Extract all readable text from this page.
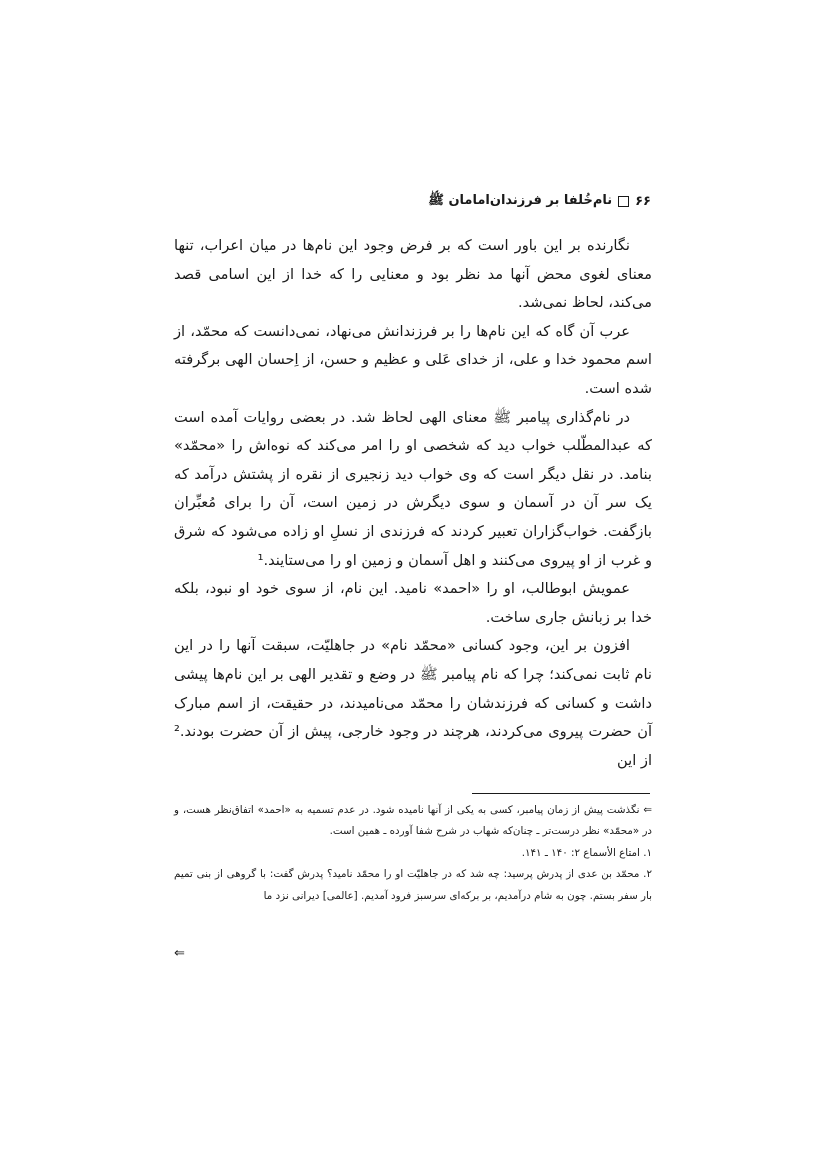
۶۶
نام‌خُلفا بر فرزندان‌امامان ﷺ

نگارنده بر این باور است که بر فرض وجود این نام‌ها در میان اعراب، تنها معنای لغوی محض آنها مد نظر بود و معنایی را که خدا از این اسامی قصد می‌کند، لحاظ نمی‌شد.

عرب آن گاه که این نام‌ها را بر فرزندانش می‌نهاد، نمی‌دانست که محمّد، از اسم محمود خدا و علی، از خدای عَلی و عظیم و حسن، از اِحسان الهی برگرفته شده است.

در نام‌گذاری پیامبر ﷺ معنای الهی لحاظ شد. در بعضی روایات آمده است که عبدالمطّلب خواب دید که شخصی او را امر می‌کند که نوه‌اش را «محمّد» بنامد. در نقل دیگر است که وی خواب دید زنجیری از نقره از پشتش درآمد که یک سر آن در آسمان و سوی دیگرش در زمین است، آن را برای مُعبِّران بازگفت. خواب‌گزاران تعبیر کردند که فرزندی از نسلِ او زاده می‌شود که شرق و غرب از او پیروی می‌کنند و اهل آسمان و زمین او را می‌ستایند.¹

عمویش ابوطالب، او را «احمد» نامید. این نام، از سوی خود او نبود، بلکه خدا بر زبانش جاری ساخت.

افزون بر این، وجود کسانی «محمّد نام» در جاهلیّت، سبقت آنها را در این نام ثابت نمی‌کند؛ چرا که نام پیامبر ﷺ در وضع و تقدیر الهی بر این نام‌ها پیشی داشت و کسانی که فرزندشان را محمّد می‌نامیدند، در حقیقت، از اسم مبارک آن حضرت پیروی می‌کردند، هرچند در وجود خارجی، پیش از آن حضرت بودند.² از این

⇐ نگذشت پیش از زمان پیامبر، کسی به یکی از آنها نامیده شود. در عدم تسمیه به «احمد» اتفاق‌نظر هست، و در «محمّد» نظر درست‌تر ـ چنان‌که شهاب در شرح شفا آورده ـ همین است.

١. امتاع الأسماع ٢: ١۴٠ ـ ١۴١.

٢. محمّد بن عدی از پدرش پرسید: چه شد که در جاهلیّت او را محمّد نامید؟ پدرش گفت: با گروهی از بنی تمیم بار سفر بستم. چون به شام درآمدیم، بر برکه‌ای سرسبز فرود آمدیم. [عالمی] دیرانی نزد ما

⇐
